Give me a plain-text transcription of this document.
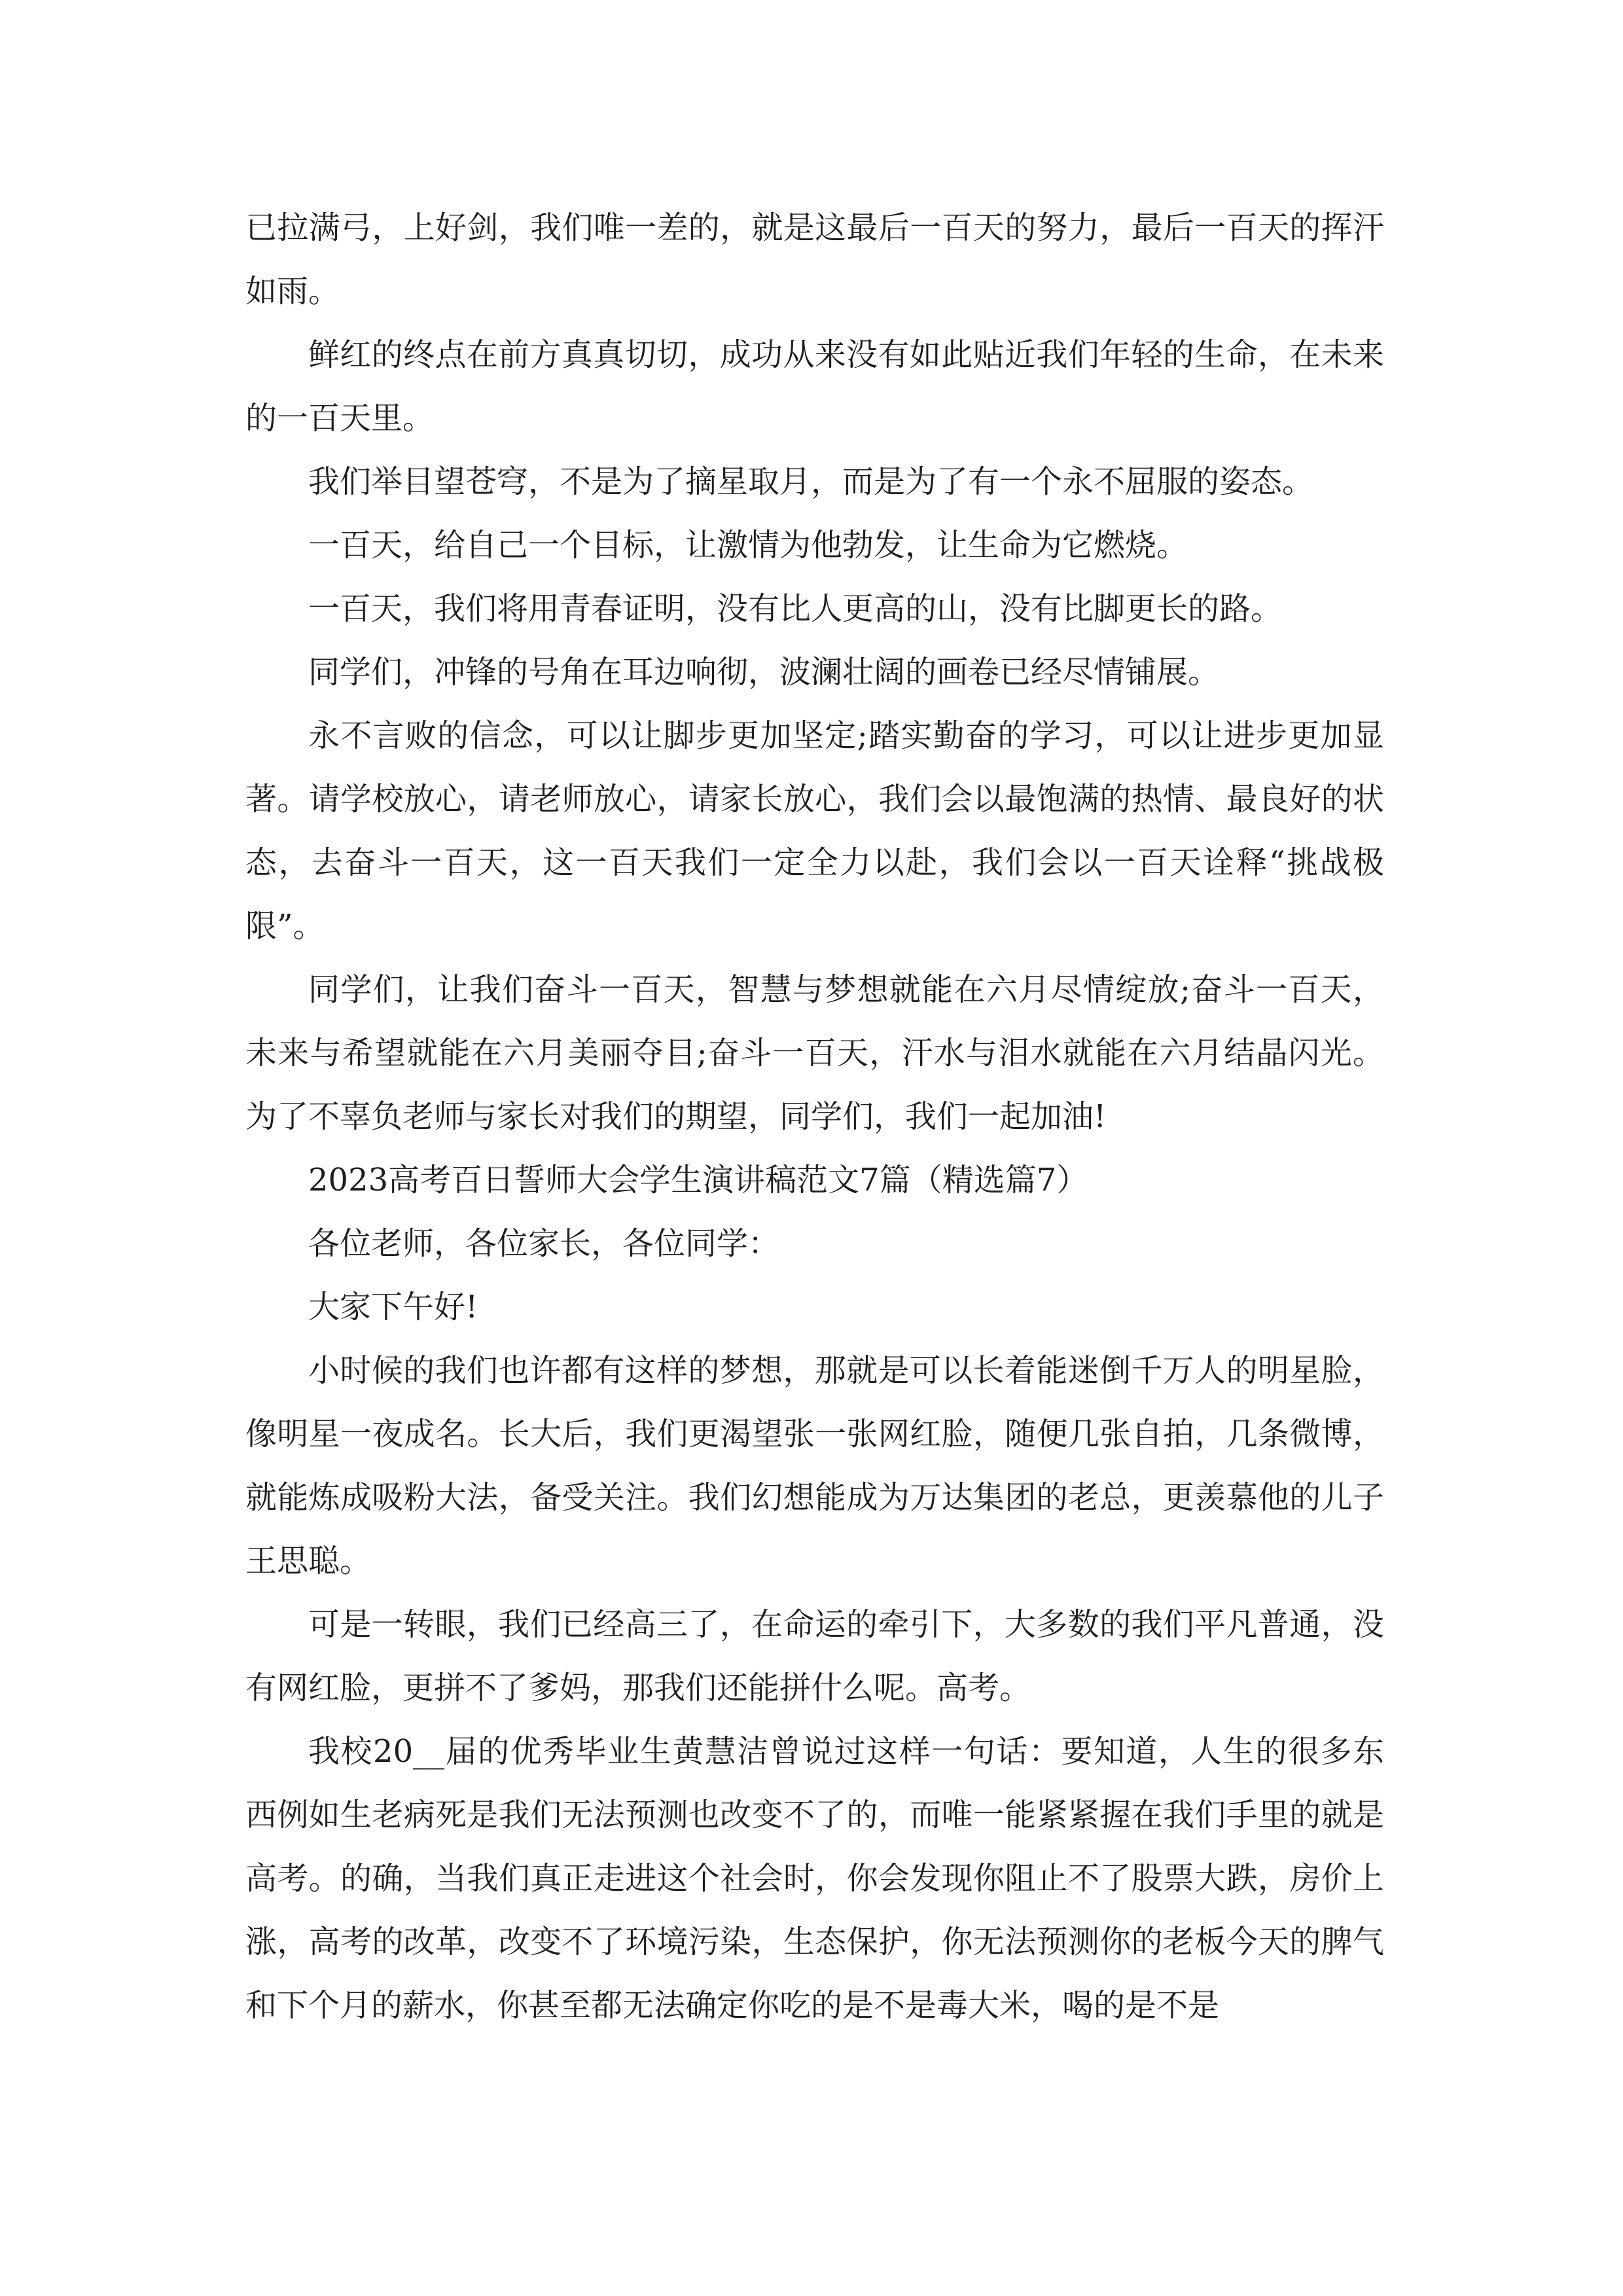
已拉满弓，上好剑，我们唯一差的，就是这最后一百天的努力，最后一百天的挥汗如雨。

鲜红的终点在前方真真切切，成功从来没有如此贴近我们年轻的生命，在未来的一百天里。

我们举目望苍穹，不是为了摘星取月，而是为了有一个永不屈服的姿态。

一百天，给自己一个目标，让激情为他勃发，让生命为它燃烧。

一百天，我们将用青春证明，没有比人更高的山，没有比脚更长的路。

同学们，冲锋的号角在耳边响彻，波澜壮阔的画卷已经尽情铺展。

永不言败的信念，可以让脚步更加坚定;踏实勤奋的学习，可以让进步更加显著。请学校放心，请老师放心，请家长放心，我们会以最饱满的热情、最良好的状态，去奋斗一百天，这一百天我们一定全力以赴，我们会以一百天诠释“挑战极限”。

同学们，让我们奋斗一百天，智慧与梦想就能在六月尽情绽放;奋斗一百天，未来与希望就能在六月美丽夺目;奋斗一百天，汗水与泪水就能在六月结晶闪光。为了不辜负老师与家长对我们的期望，同学们，我们一起加油!

2023高考百日誓师大会学生演讲稿范文7篇（精选篇7）

各位老师，各位家长，各位同学：

大家下午好!

小时候的我们也许都有这样的梦想，那就是可以长着能迷倒千万人的明星脸，像明星一夜成名。长大后，我们更渴望张一张网红脸，随便几张自拍，几条微博，就能炼成吸粉大法，备受关注。我们幻想能成为万达集团的老总，更羡慕他的儿子王思聪。

可是一转眼，我们已经高三了，在命运的牵引下，大多数的我们平凡普通，没有网红脸，更拼不了爹妈，那我们还能拼什么呢。高考。

我校20__届的优秀毕业生黄慧洁曾说过这样一句话：要知道，人生的很多东西例如生老病死是我们无法预测也改变不了的，而唯一能紧紧握在我们手里的就是高考。的确，当我们真正走进这个社会时，你会发现你阻止不了股票大跌，房价上涨，高考的改革，改变不了环境污染，生态保护，你无法预测你的老板今天的脾气和下个月的薪水，你甚至都无法确定你吃的是不是毒大米，喝的是不是
